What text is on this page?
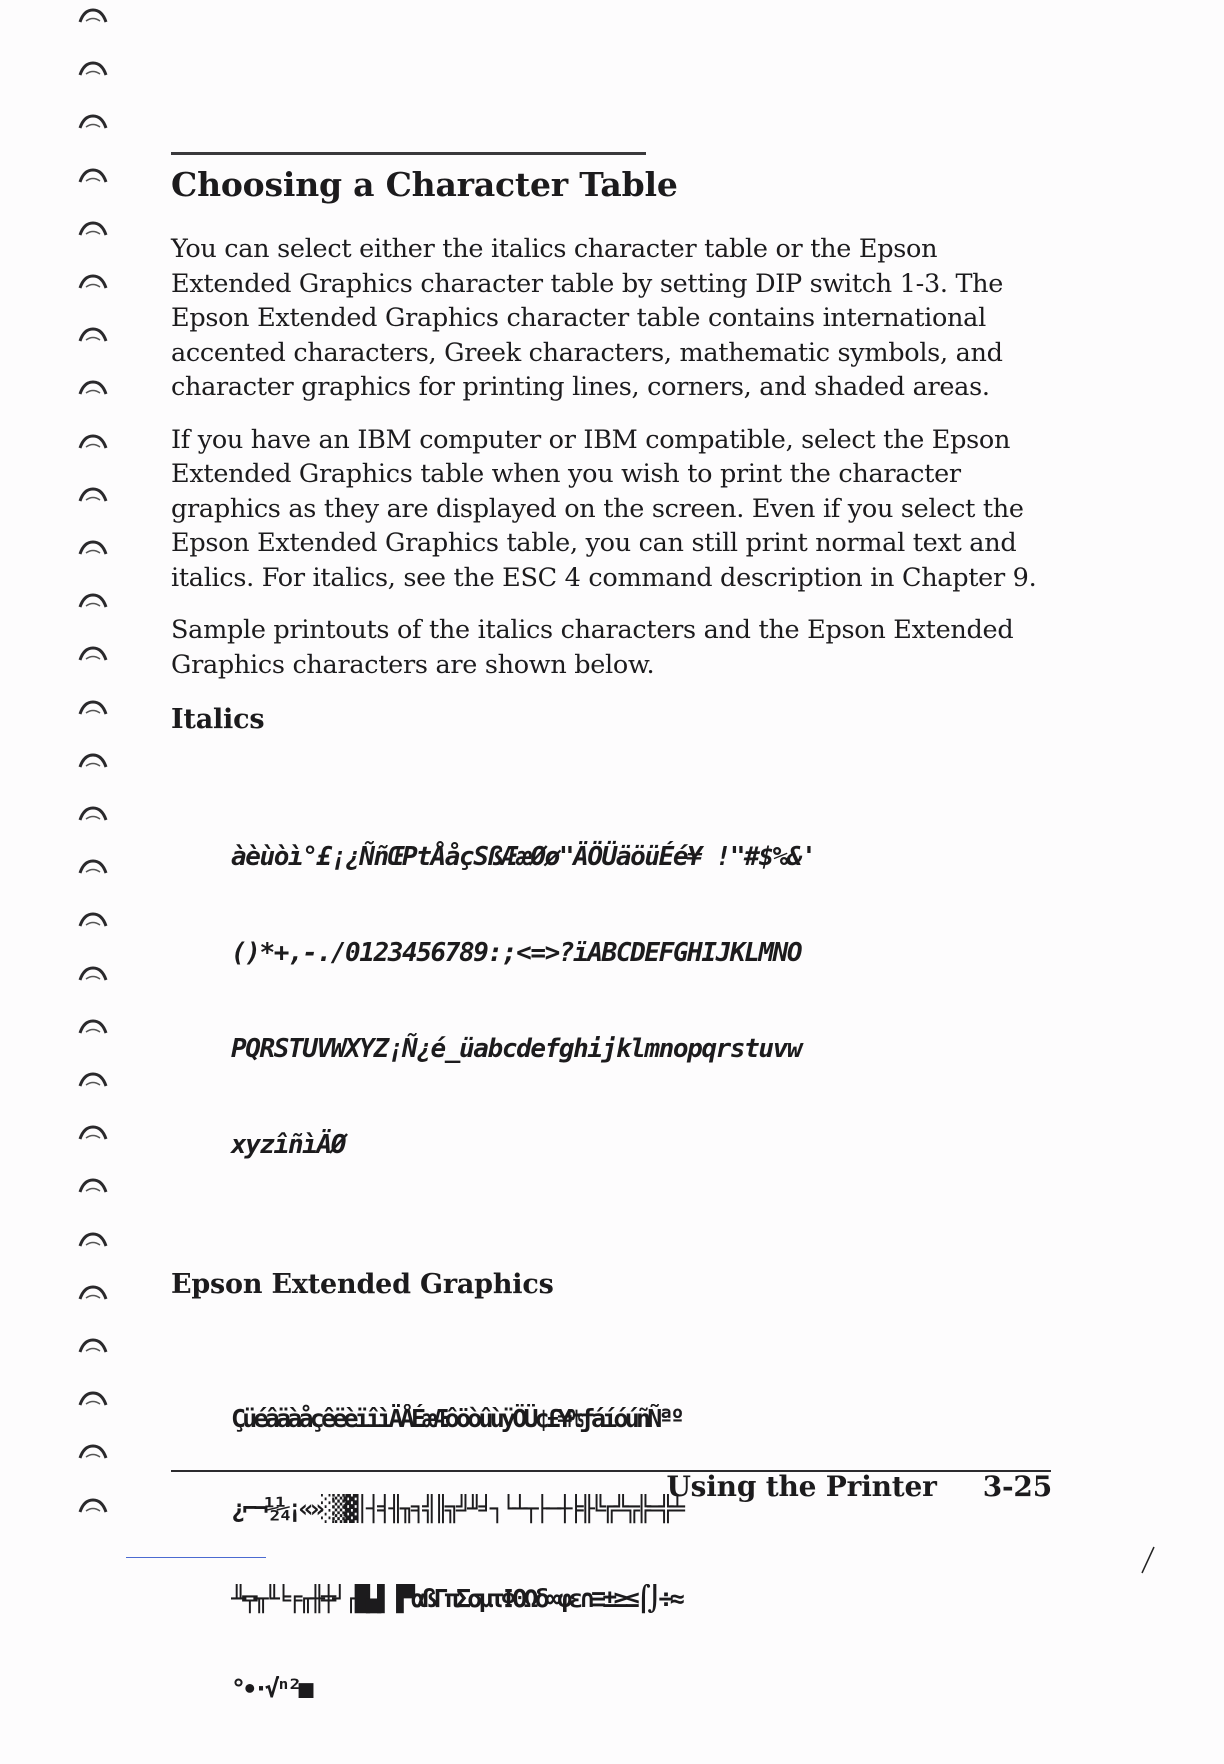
Choosing a Character Table

You can select either the italics character table or the Epson Extended Graphics character table by setting DIP switch 1-3. The Epson Extended Graphics character table contains international accented characters, Greek characters, mathematic symbols, and character graphics for printing lines, corners, and shaded areas.

If you have an IBM computer or IBM compatible, select the Epson Extended Graphics table when you wish to print the character graphics as they are displayed on the screen. Even if you select the Epson Extended Graphics table, you can still print normal text and italics. For italics, see the ESC 4 command description in Chapter 9.

Sample printouts of the italics characters and the Epson Extended Graphics characters are shown below.

Italics

àèùòì°£¡¿ÑñŒPtÅåçSßÆæØø"ÄÖÜäöüÉé¥ !"#$%&'

()*+,-./0123456789:;<=>?ïABCDEFGHIJKLMNO

PQRSTUVWXYZ¡Ñ¿é_üabcdefghijklmnopqrstuvw

xyzîñìÄØ

Epson Extended Graphics

ÇüéâäàåçêëèïîìÄÅÉæÆôöòûùÿÖÜ¢£¥₧ƒáíóúñÑªº

¿⌐¬½¼¡«»░▒▓│┤╡╢╖╕╣║╗╝╜╛┐└┴┬├─┼╞╟╚╔╩╦╠═╬╧

╨╤╥╙╘╒╓╫╪┘┌█▄▌▐▀αßΓπΣσµτΦΘΩδ∞φε∩≡±≥≤⌠⌡÷≈

°∙·√ⁿ²■

Using the Printer 3-25
